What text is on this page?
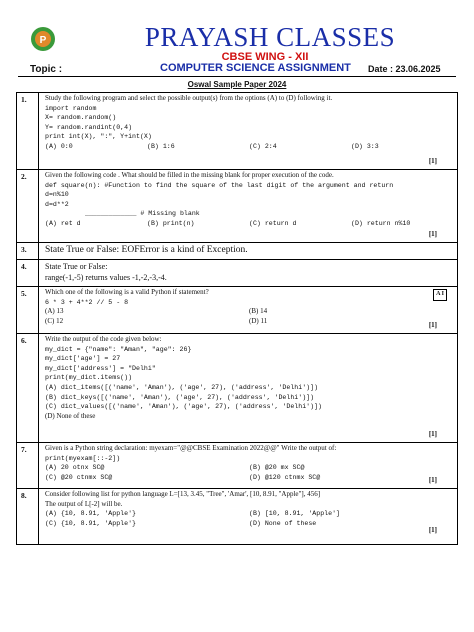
P	PRAYASH CLASSES
CBSE WING - XII
Topic :	COMPUTER SCIENCE ASSIGNMENT Date : 23.06.2025
Oswal Sample Paper 2024
1.	Study the following program and select the possible output(s) from the options (A) to (D) following it.
import random
X= random.random()
Y= random.randint(0,4)
print int(X), ":", Y+int(X)
(A) 0:0	(B) 1:6	(C) 2:4	(D) 3:3
[1]
2.	Given the following code . What should be filled in the missing blank for proper execution of the code.
def square(n): #Function to find the square of the last digit of the argument and return
d=n%10
d=d**2
_____________ # Missing blank
(A) ret d	(B) print(n)	(C) return d	(D) return n%10
[1]
3.	State True or False: EOFError is a kind of Exception.
4.	State True or False:
range(-1,-5) returns values -1,-2,-3,-4.
5.	Which one of the following is a valid Python if statement?	A I
6 * 3 + 4**2 // 5 - 8
(A) 13	(B) 14
(C) 12	(D) 11
[1]
6.	Write the output of the code given below:
my_dict = {"name": "Aman", "age": 26}
my_dict['age'] = 27
my_dict['address'] = "Delhi"
print(my_dict.items())
(A) dict_items([('name', 'Aman'), ('age', 27), ('address', 'Delhi')])
(B) dict_keys([('name', 'Aman'), ('age', 27), ('address', 'Delhi')])
(C) dict_values([('name', 'Aman'), ('age', 27), ('address', 'Delhi')])
(D) None of these
[1]
7.	Given is a Python string declaration: myexam="@@CBSE Examination 2022@@" Write the output of:
print(myexam[::-2])
(A) 20 otnx SC@	(B) @20 mx SC@
(C) @20 ctnmx SC@	(D) @120 ctnmx SC@	[1]
8.	Consider following list for python language L=[13, 3.45, "Tree", 'Amar', [10, 8.91, "Apple"], 456]
The output of L[-2] will be.
(A) {10, 8.91, 'Apple'}	(B) [10, 8.91, 'Apple']
(C) {10, 8.91, 'Apple'}	(D) None of these
[1]
